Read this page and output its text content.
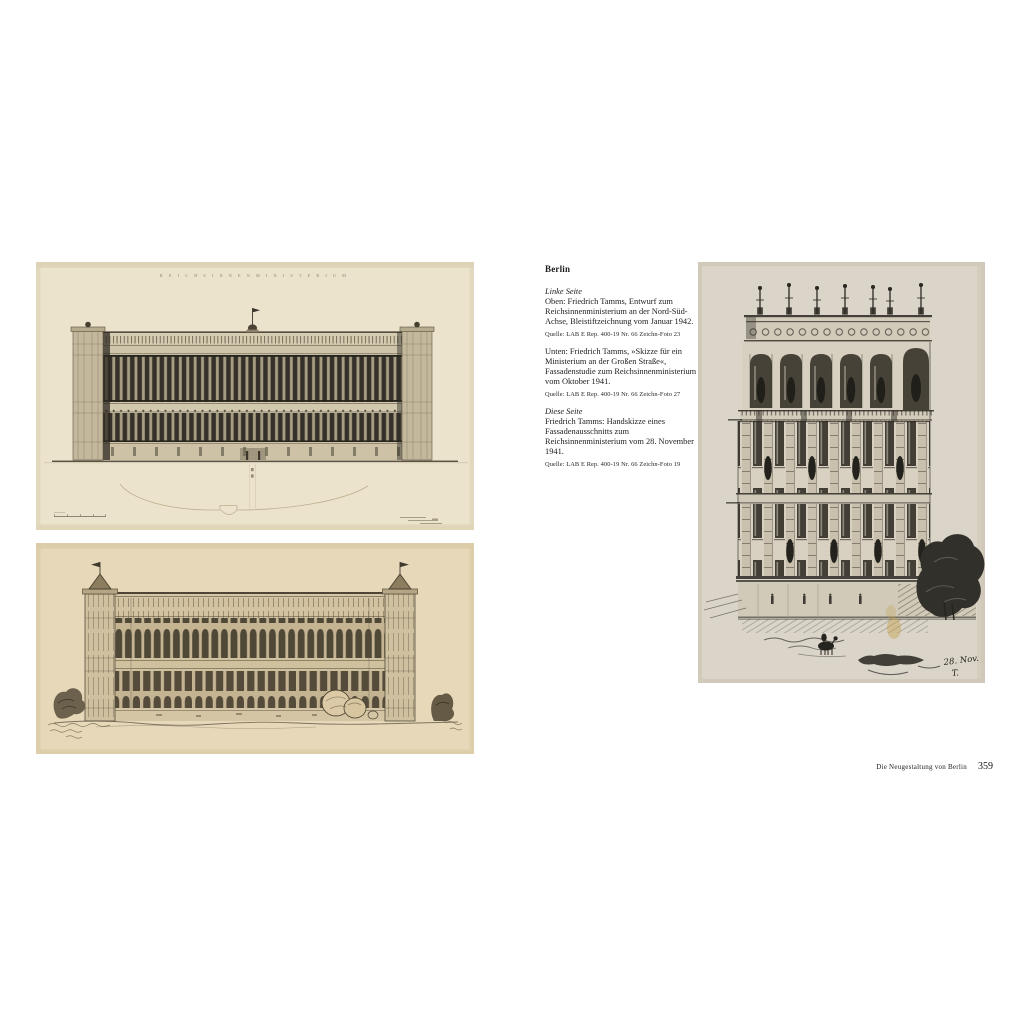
REICHSINNENMINISTERIUM
Berlin

Linke Seite

Oben: Friedrich Tamms, Entwurf zum Reichsinnenministerium an der Nord-Süd-Achse, Bleistiftzeichnung vom Januar 1942.

Quelle: LAB E Rep. 400-19 Nr. 66 Zeichn-Foto 23

Unten: Friedrich Tamms, »Skizze für ein Ministerium an der Großen Straße«, Fassadenstudie zum Reichsinnenministerium vom Oktober 1941.

Quelle: LAB E Rep. 400-19 Nr. 66 Zeichn-Foto 27

Diese Seite

Friedrich Tamms: Handskizze eines Fassadenausschnitts zum Reichsinnenministerium vom 28. November 1941.

Quelle: LAB E Rep. 400-19 Nr. 66 Zeichn-Foto 19

28. Nov.
T.
Die Neugestaltung von Berlin 359
